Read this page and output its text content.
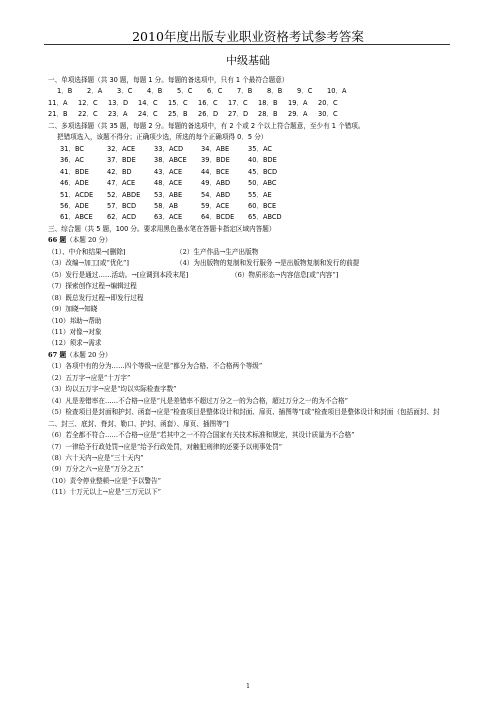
2010年度出版专业职业资格考试参考答案
中级基础
一、单项选择题（共 30 题，每题 1 分。每题的备选项中，只有 1 个最符合题意）
1．B	2．A	3．C	4．B	5．C	6．C	7．B	8．B	9．C	10．A
11．A	12．C	13．D	14．C	15．C	16．C	17．C	18．B	19．A	20．C
21．B	22．C	23．A	24．C	25．B	26．D	27．D	28．B	29．A	30．C
二、多项选择题（共 35 题，每题 2 分。每题的备选项中，有 2 个或 2 个以上符合题意，至少有 1 个错项。
把错项选入，该题不得分；正确项少选，所选的每个正确项得 0．5 分）
31．BC	32．ACE	33．ACD	34．ABE	35．AC
36．AC	37．BDE	38．ABCE	39．BDE	40．BDE
41．BDE	42．BD	43．ACE	44．BCE	45．BCD
46．ADE	47．ACE	48．ACE	49．ABD	50．ABC
51．ACDE	52．ABDE	53．ABE	54．ABD	55．AE
56．ADE	57．BCD	58．AB	59．ACE	60．BCE
61．ABCE	62．ACD	63．ACE	64．BCDE	65．ABCD
三、综合题（共 5 题，100 分。要求用黑色墨水笔在答题卡指定区域内答题）
66 题（本题 20 分）
（1）、中介和结果→[删除]	（2）生产作品→生产出版物
（3）改编→加工[或“优化”]	（4）为出版物的复制和发行服务 →是出版物复制和发行的前提
（5）发行是通过……活动。→[应调到本段末尾]	（6）物质形态→内容信息[或“内容”]
（7）探索创作过程→编辑过程
（8）既总发行过程→即发行过程
（9）加晓→知晓
（10）邦助→帮助
（11）对像→对象
（12）须求→需求
67 题（本题 20 分）
（1）各项中有的分为……四个等级→应是“都分为合格、不合格两个等级”
（2）五万字→应是“十万字”
（3）均以五万字→应是“均以实际检查字数”
（4）凡是差错率在……不合格→应是“凡是差错率不超过万分之一的为合格，超过万分之一的为不合格”
（5）检查项目是封面和护封、函套→应是“检查项目是整体设计和封面、扉页、插图等”[或“检查项目是整体设计和封面（包括面封、封二、封三、底封、脊封、勒口、护封、函套）、扉页、插图等”]
（6）若全都不符合……不合格→应是“若其中之一不符合国家有关技术标准和规定，其设计质量为不合格”
（7）一律给予行政处罚→应是“给予行政处罚，对触犯刑律的还要予以刑事处罚”
（8）六十天内→应是“三十天内”
（9）万分之六→应是“万分之五”
（10）责令停业整顿→应是“予以警告”
（11）十万元以上→应是“三万元以下”
1
